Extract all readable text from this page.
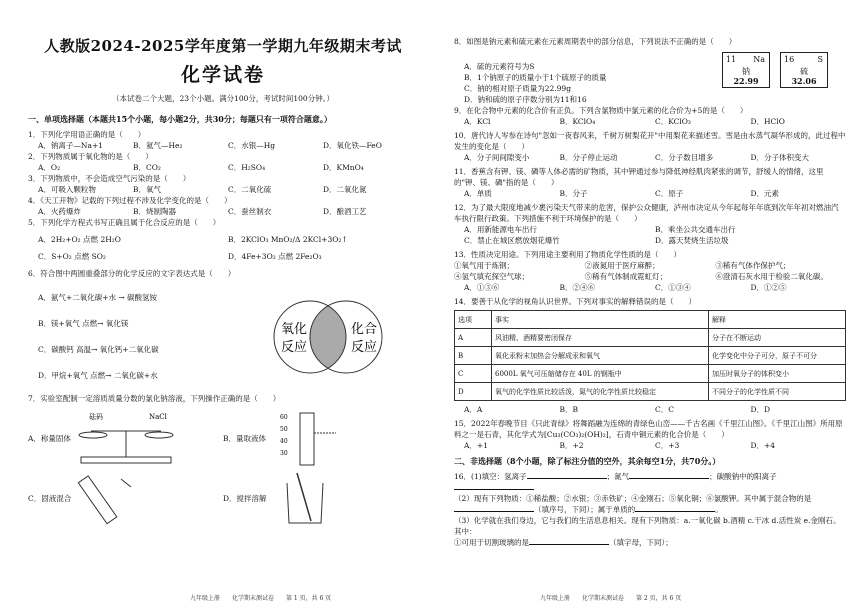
人教版2024-2025学年度第一学期九年级期末考试

化学试卷

（本试卷二个大题，23个小题。满分100分，考试时间100分钟。）
一、单项选择题（本题共15个小题，每小题2分，共30分；每题只有一项符合题意。）
1．下列化学用语正确的是（　　）
A．钠离子—Na+1	B．氦气—He₂	C．水银—Hg	D．氧化铁—FeO
2．下列物质属于氧化物的是（　　）
A．O₂	B．CO₂	C．H₂SO₄	D．KMnO₄
3．下列物质中，不会造成空气污染的是（　　）
A．可吸入颗粒物	B．氧气	C．二氧化硫	D．二氧化氮
4．《天工开物》记载的下列过程不涉及化学变化的是（　　）
A．火药爆炸	B．烧制陶器	C．蚕丝制衣	D．酿酒工艺
5．下列化学方程式书写正确且属于化合反应的是（　　）
A．2H₂+O₂ 点燃 2H₂O	B．2KClO₃ MnO₂/Δ 2KCl+3O₂↑
C．S+O₂ 点燃 SO₂	D．4Fe+3O₂ 点燃 2Fe₂O₃
6．符合图中两圆重叠部分的化学反应的文字表达式是（　　）
A．氨气+二氧化碳+水 → 碳酸氢铵
B．镁+氧气 点燃→ 氧化镁
C．碳酸钙 高温→ 氧化钙+二氧化碳
D．甲烷+氧气 点燃→ 二氧化碳+水
氧化
反应
化合
反应
7．实验室配制一定溶质质量分数的氯化钠溶液，下列操作正确的是（　　）
A．称量固体
砝码	NaCl
B．量取液体
60
50
40
30
C．固液混合	D．搅拌溶解
九年级上册　　化学期末测试卷　　第 1 页，共 6 页
8．如图是钠元素和硫元素在元素周期表中的部分信息，下列说法不正确的是（　　）
11 Na
钠
22.99
16	S
硫
32.06
A．硫的元素符号为S
B．1个钠原子的质量小于1个硫原子的质量
C．钠的相对原子质量为22.99g
D．钠和硫的原子序数分别为11和16
9．在化合物中元素的化合价有正负。下列含氯物质中氯元素的化合价为+5的是（　　）
A．KCl	B．KClO₄	C．KClO₃	D．HClO
10．唐代诗人岑参在诗句"忽如一夜春风来，千树万树梨花开"中用梨花来描述雪。雪是由水蒸气凝华形成的，此过程中发生的变化是（　　）
A．分子间间隙变小	B．分子停止运动	C．分子数目增多	D．分子体积变大
11．香蕉含有钾、镁、磷等人体必需的矿物质，其中钾通过参与降低神经肌肉紧张的调节，舒缓人的情绪，这里的"钾、镁、磷"指的是（　　）
A．单质	B．分子	C．原子	D．元素
12．为了最大限度地减少裹污染天气带来的危害，保护公众健康，泸州市决定从今年起每年年底到次年年初对燃油汽车执行限行政策。下列措施不利于环境保护的是（　　）
A．用新能源电车出行	B．乘坐公共交通车出行
C．禁止在城区燃放烟花爆竹	D．露天焚烧生活垃圾
13．性质决定用途。下列用途主要利用了物质化学性质的是（　　）
①氧气用于炼钢；	②液氮用于医疗麻醉；	③稀有气体作保护气；
④氢气填充探空气球；	⑤稀有气体制成霓虹灯；	⑥澄清石灰水用于检验二氧化碳。
A．①③⑥	B．②④⑥	C．①③④	D．①②⑤
14．要善于从化学的视角认识世界。下列对事实的解释错误的是（　　）
选项	事实	解释
A	风油精、酒精要密闭保存	分子在不断运动
B	氧化汞粉末加热会分解成汞和氧气	化学变化中分子可分，原子不可分
C	6000L 氧气可压缩储存在 40L 的钢瓶中	加压时氧分子的体积变小
D	氧气的化学性质比较活泼，氮气的化学性质比较稳定	不同分子的化学性质不同
A．A	B．B	C．C	D．D
15．2022年春晚节目《只此青绿》将舞蹈融为连绵的青绿色山峦——千古名画《千里江山图》。《千里江山图》所用原料之一是石青，其化学式为[Cu₃(CO₃)₂(OH)₂]，石青中铜元素的化合价是（　　）
A．+1	B．+2	C．+3	D．+4
二、非选择题（8个小题，除了标注分值的空外，其余每空1分，共70分。）
16．(1)填空：氢离子	；氮气	；碳酸钠中的阳离子
（2）现有下列物质：①稀盐酸；②水银；③赤铁矿；④金刚石；⑤氧化铜；⑥氯酸钾。其中属于混合物的是（填序号，下同）；属于单质的	。
（3）化学就在我们身边，它与我们的生活息息相关。现有下列物质：a.一氧化碳 b.酒精 c.干冰 d.活性炭 e.金刚石。其中：
①可用于切割玻璃的是	（填字母，下同）；
九年级上册　　化学期末测试卷　　第 2 页，共 6 页
